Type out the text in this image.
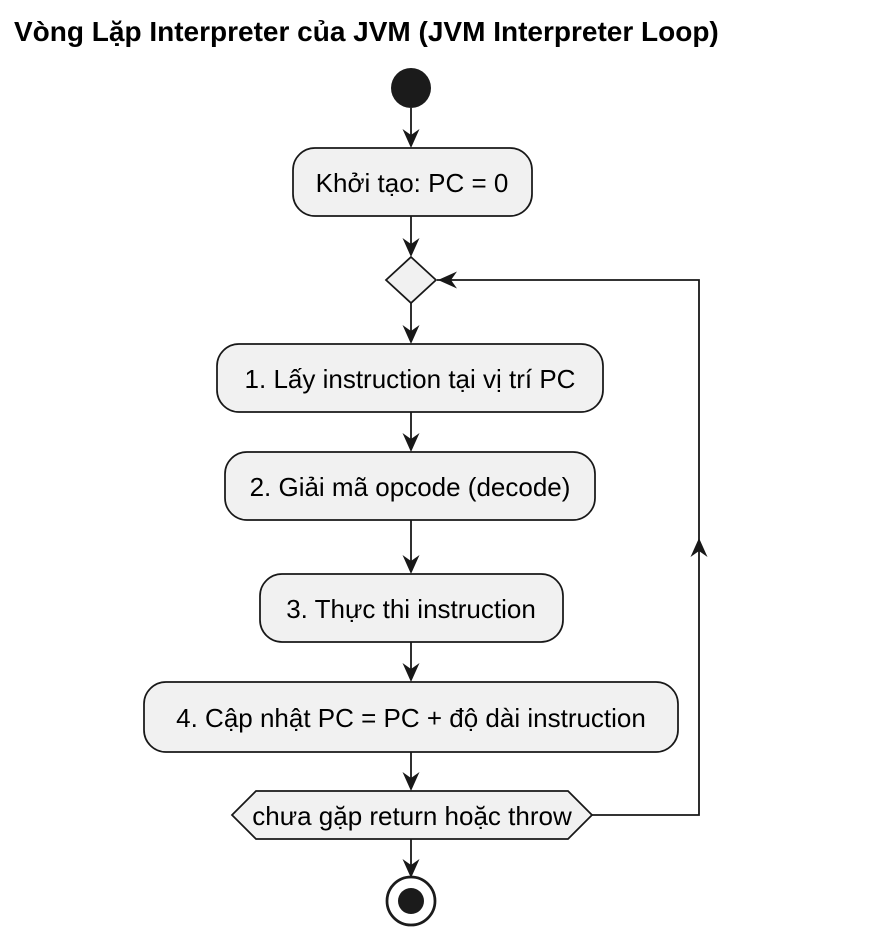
Vòng Lặp Interpreter của JVM (JVM Interpreter Loop)
Khởi tạo: PC = 0
1. Lấy instruction tại vị trí PC
2. Giải mã opcode (decode)
3. Thực thi instruction
4. Cập nhật PC = PC + độ dài instruction
chưa gặp return hoặc throw
